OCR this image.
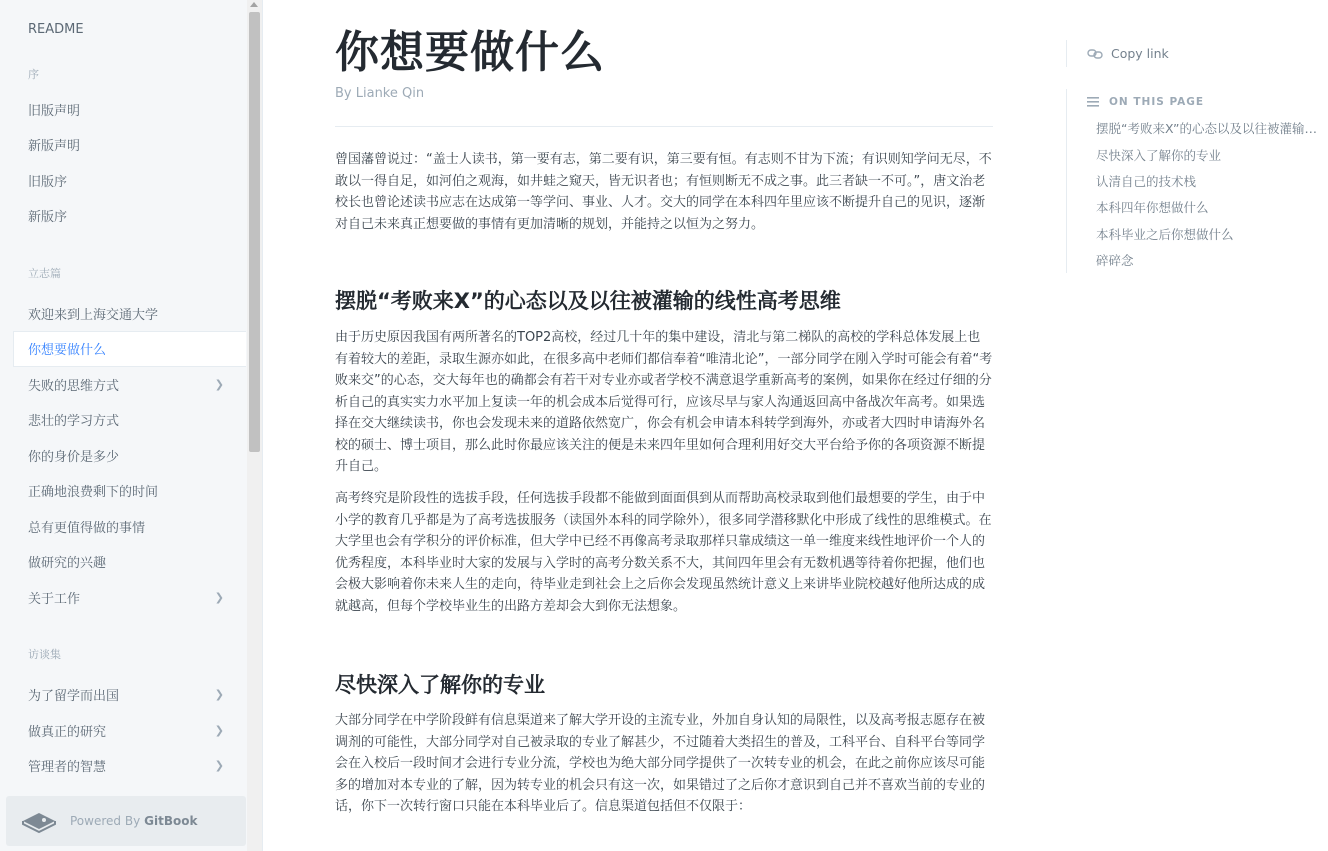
README
序
旧版声明
新版声明
旧版序
新版序
立志篇
欢迎来到上海交通大学
你想要做什么
失败的思维方式	❯
悲壮的学习方式
你的身价是多少
正确地浪费剩下的时间
总有更值得做的事情
做研究的兴趣
关于工作	❯
访谈集
为了留学而出国	❯
做真正的研究	❯
管理者的智慧	❯
Powered By GitBook
你想要做什么
By Lianke Qin

曾国藩曾说过：“盖士人读书，第一要有志，第二要有识，第三要有恒。有志则不甘为下流；有识则知学问无尽，不敢以一得自足，如河伯之观海，如井蛙之窥天，皆无识者也；有恒则断无不成之事。此三者缺一不可。”，唐文治老校长也曾论述读书应志在达成第一等学问、事业、人才。交大的同学在本科四年里应该不断提升自己的见识，逐渐对自己未来真正想要做的事情有更加清晰的规划，并能持之以恒为之努力。

摆脱“考败来X”的心态以及以往被灌输的线性高考思维

由于历史原因我国有两所著名的TOP2高校，经过几十年的集中建设，清北与第二梯队的高校的学科总体发展上也有着较大的差距，录取生源亦如此，在很多高中老师们都信奉着“唯清北论”，一部分同学在刚入学时可能会有着“考败来交”的心态，交大每年也的确都会有若干对专业亦或者学校不满意退学重新高考的案例，如果你在经过仔细的分析自己的真实实力水平加上复读一年的机会成本后觉得可行，应该尽早与家人沟通返回高中备战次年高考。如果选择在交大继续读书，你也会发现未来的道路依然宽广，你会有机会申请本科转学到海外，亦或者大四时申请海外名校的硕士、博士项目，那么此时你最应该关注的便是未来四年里如何合理利用好交大平台给予你的各项资源不断提升自己。

高考终究是阶段性的选拔手段，任何选拔手段都不能做到面面俱到从而帮助高校录取到他们最想要的学生，由于中小学的教育几乎都是为了高考选拔服务（读国外本科的同学除外），很多同学潜移默化中形成了线性的思维模式。在大学里也会有学积分的评价标准，但大学中已经不再像高考录取那样只靠成绩这一单一维度来线性地评价一个人的优秀程度，本科毕业时大家的发展与入学时的高考分数关系不大，其间四年里会有无数机遇等待着你把握，他们也会极大影响着你未来人生的走向，待毕业走到社会上之后你会发现虽然统计意义上来讲毕业院校越好他所达成的成就越高，但每个学校毕业生的出路方差却会大到你无法想象。

尽快深入了解你的专业

大部分同学在中学阶段鲜有信息渠道来了解大学开设的主流专业，外加自身认知的局限性，以及高考报志愿存在被调剂的可能性，大部分同学对自己被录取的专业了解甚少，不过随着大类招生的普及，工科平台、自科平台等同学会在入校后一段时间才会进行专业分流，学校也为绝大部分同学提供了一次转专业的机会，在此之前你应该尽可能多的增加对本专业的了解，因为转专业的机会只有这一次，如果错过了之后你才意识到自己并不喜欢当前的专业的话，你下一次转行窗口只能在本科毕业后了。信息渠道包括但不仅限于：

Copy link
ON THIS PAGE
摆脱“考败来X”的心态以及以往被灌输…
尽快深入了解你的专业
认清自己的技术栈
本科四年你想做什么
本科毕业之后你想做什么
碎碎念
